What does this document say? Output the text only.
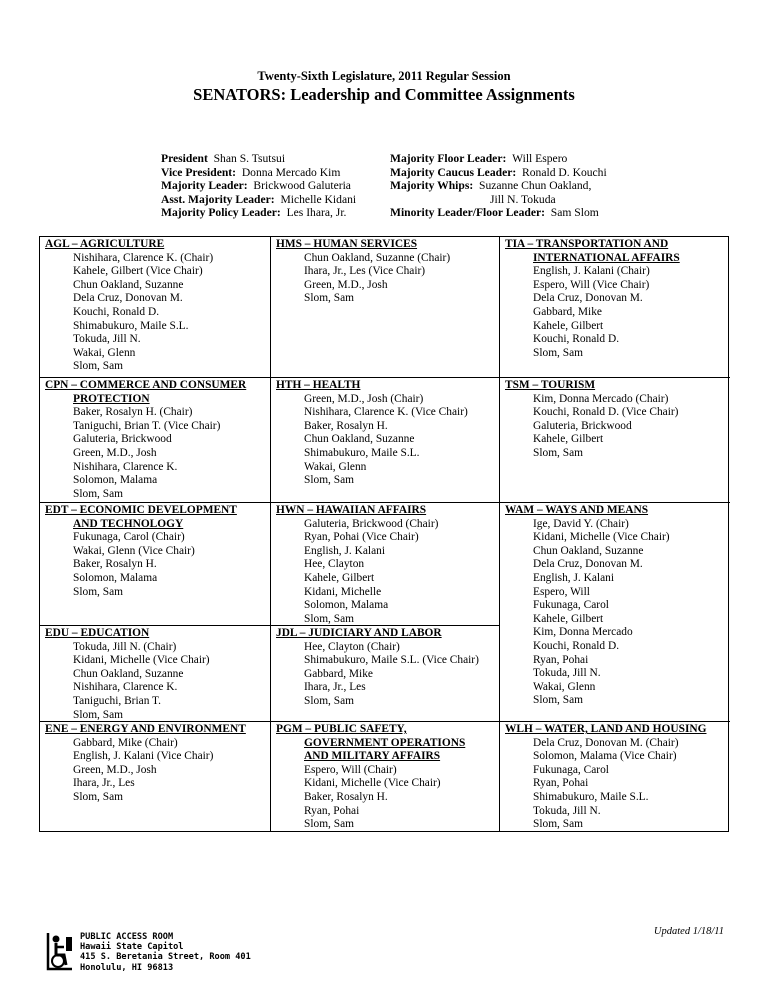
Twenty-Sixth Legislature, 2011 Regular Session
SENATORS: Leadership and Committee Assignments
President Shan S. Tsutsui
Vice President: Donna Mercado Kim
Majority Leader: Brickwood Galuteria
Asst. Majority Leader: Michelle Kidani
Majority Policy Leader: Les Ihara, Jr.
Majority Floor Leader: Will Espero
Majority Caucus Leader: Ronald D. Kouchi
Majority Whips: Suzanne Chun Oakland,
Jill N. Tokuda
Minority Leader/Floor Leader: Sam Slom
AGL – AGRICULTURE
Nishihara, Clarence K. (Chair)
Kahele, Gilbert (Vice Chair)
Chun Oakland, Suzanne
Dela Cruz, Donovan M.
Kouchi, Ronald D.
Shimabukuro, Maile S.L.
Tokuda, Jill N.
Wakai, Glenn
Slom, Sam
HMS – HUMAN SERVICES
Chun Oakland, Suzanne (Chair)
Ihara, Jr., Les (Vice Chair)
Green, M.D., Josh
Slom, Sam
TIA – TRANSPORTATION AND
INTERNATIONAL AFFAIRS
English, J. Kalani (Chair)
Espero, Will (Vice Chair)
Dela Cruz, Donovan M.
Gabbard, Mike
Kahele, Gilbert
Kouchi, Ronald D.
Slom, Sam
CPN – COMMERCE AND CONSUMER
PROTECTION
Baker, Rosalyn H. (Chair)
Taniguchi, Brian T. (Vice Chair)
Galuteria, Brickwood
Green, M.D., Josh
Nishihara, Clarence K.
Solomon, Malama
Slom, Sam
HTH – HEALTH
Green, M.D., Josh (Chair)
Nishihara, Clarence K. (Vice Chair)
Baker, Rosalyn H.
Chun Oakland, Suzanne
Shimabukuro, Maile S.L.
Wakai, Glenn
Slom, Sam
TSM – TOURISM
Kim, Donna Mercado (Chair)
Kouchi, Ronald D. (Vice Chair)
Galuteria, Brickwood
Kahele, Gilbert
Slom, Sam
EDT – ECONOMIC DEVELOPMENT
AND TECHNOLOGY
Fukunaga, Carol (Chair)
Wakai, Glenn (Vice Chair)
Baker, Rosalyn H.
Solomon, Malama
Slom, Sam
HWN – HAWAIIAN AFFAIRS
Galuteria, Brickwood (Chair)
Ryan, Pohai (Vice Chair)
English, J. Kalani
Hee, Clayton
Kahele, Gilbert
Kidani, Michelle
Solomon, Malama
Slom, Sam
WAM – WAYS AND MEANS
Ige, David Y. (Chair)
Kidani, Michelle (Vice Chair)
Chun Oakland, Suzanne
Dela Cruz, Donovan M.
English, J. Kalani
Espero, Will
Fukunaga, Carol
Kahele, Gilbert
Kim, Donna Mercado
Kouchi, Ronald D.
Ryan, Pohai
Tokuda, Jill N.
Wakai, Glenn
Slom, Sam
EDU – EDUCATION
Tokuda, Jill N. (Chair)
Kidani, Michelle (Vice Chair)
Chun Oakland, Suzanne
Nishihara, Clarence K.
Taniguchi, Brian T.
Slom, Sam
JDL – JUDICIARY AND LABOR
Hee, Clayton (Chair)
Shimabukuro, Maile S.L. (Vice Chair)
Gabbard, Mike
Ihara, Jr., Les
Slom, Sam
ENE – ENERGY AND ENVIRONMENT
Gabbard, Mike (Chair)
English, J. Kalani (Vice Chair)
Green, M.D., Josh
Ihara, Jr., Les
Slom, Sam
PGM – PUBLIC SAFETY,
GOVERNMENT OPERATIONS
AND MILITARY AFFAIRS
Espero, Will (Chair)
Kidani, Michelle (Vice Chair)
Baker, Rosalyn H.
Ryan, Pohai
Slom, Sam
WLH – WATER, LAND AND HOUSING
Dela Cruz, Donovan M. (Chair)
Solomon, Malama (Vice Chair)
Fukunaga, Carol
Ryan, Pohai
Shimabukuro, Maile S.L.
Tokuda, Jill N.
Slom, Sam
Updated 1/18/11
PUBLIC ACCESS ROOM
Hawaii State Capitol
415 S. Beretania Street, Room 401
Honolulu, HI 96813
